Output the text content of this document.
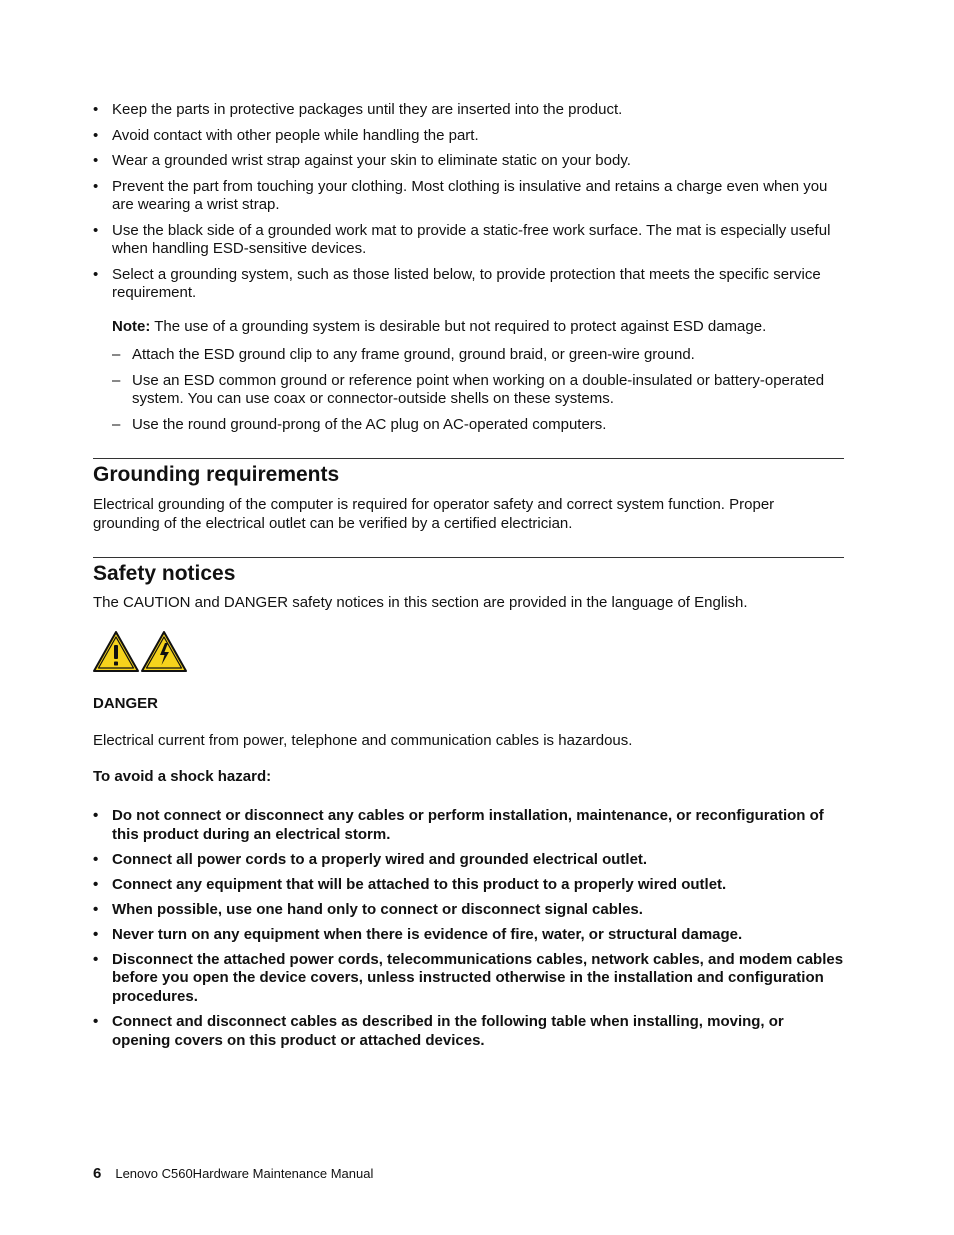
• Keep the parts in protective packages until they are inserted into the product.
• Avoid contact with other people while handling the part.
• Wear a grounded wrist strap against your skin to eliminate static on your body.
• Prevent the part from touching your clothing. Most clothing is insulative and retains a charge even when you are wearing a wrist strap.
• Use the black side of a grounded work mat to provide a static-free work surface. The mat is especially useful when handling ESD-sensitive devices.
• Select a grounding system, such as those listed below, to provide protection that meets the specific service requirement.
Note: The use of a grounding system is desirable but not required to protect against ESD damage.
– Attach the ESD ground clip to any frame ground, ground braid, or green-wire ground.
– Use an ESD common ground or reference point when working on a double-insulated or battery-operated system. You can use coax or connector-outside shells on these systems.
– Use the round ground-prong of the AC plug on AC-operated computers.
Grounding requirements
Electrical grounding of the computer is required for operator safety and correct system function. Proper grounding of the electrical outlet can be verified by a certified electrician.
Safety notices
The CAUTION and DANGER safety notices in this section are provided in the language of English.
DANGER
Electrical current from power, telephone and communication cables is hazardous.
To avoid a shock hazard:
• Do not connect or disconnect any cables or perform installation, maintenance, or reconfiguration of this product during an electrical storm.
• Connect all power cords to a properly wired and grounded electrical outlet.
• Connect any equipment that will be attached to this product to a properly wired outlet.
• When possible, use one hand only to connect or disconnect signal cables.
• Never turn on any equipment when there is evidence of fire, water, or structural damage.
• Disconnect the attached power cords, telecommunications cables, network cables, and modem cables before you open the device covers, unless instructed otherwise in the installation and configuration procedures.
• Connect and disconnect cables as described in the following table when installing, moving, or opening covers on this product or attached devices.
6 Lenovo C560Hardware Maintenance Manual
